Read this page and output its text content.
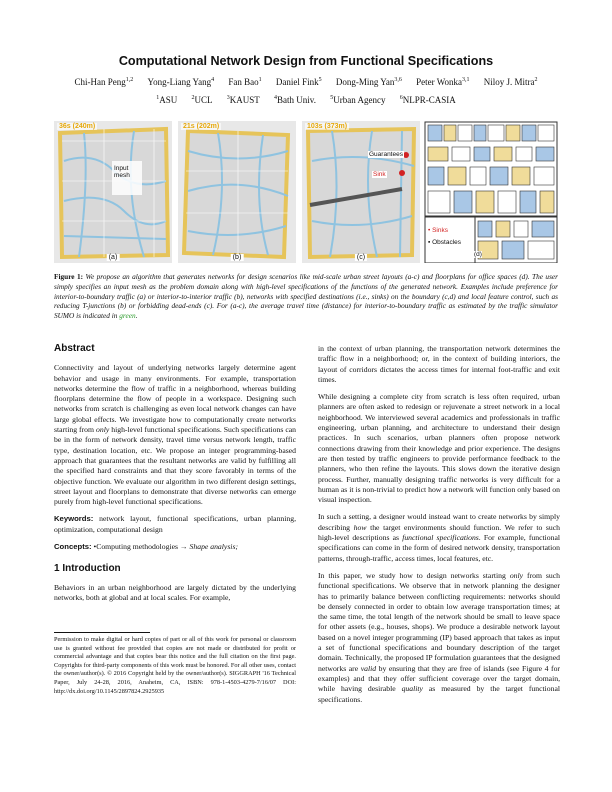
Computational Network Design from Functional Specifications
Chi-Han Peng$^{1,2}$ Yong-Liang Yang$^4$ Fan Bao$^1$ Daniel Fink$^5$ Dong-Ming Yan$^{3,6}$ Peter Wonka$^{3,1}$ Niloy J. Mitra$^2$
$^1$ASU $^2$UCL $^3$KAUST $^4$Bath Univ. $^5$Urban Agency $^6$NLPR-CASIA
36s (240m)
Input mesh
(a)
21s (202m)
(b)
103s (373m)
Guarantees
Sink
(c)
• Sinks
▪ Obstacles
(d)
Figure 1: We propose an algorithm that generates networks for design scenarios like mid-scale urban street layouts (a-c) and floorplans for office spaces (d). The user simply specifies an input mesh as the problem domain along with high-level specifications of the functions of the generated network. Examples include preference for interior-to-boundary traffic (a) or interior-to-interior traffic (b), networks with specified destinations (i.e., sinks) on the boundary (c,d) and local feature control, such as reducing T-junctions (b) or forbidding dead-ends (c). For (a-c), the average travel time (distance) for interior-to-boundary traffic as estimated by the traffic simulator SUMO is indicated in green.
Abstract
Connectivity and layout of underlying networks largely determine agent behavior and usage in many environments. For example, transportation networks determine the flow of traffic in a neighborhood, whereas building floorplans determine the flow of people in a workspace. Designing such networks from scratch is challenging as even local network changes can have large global effects. We investigate how to computationally create networks starting from only high-level functional specifications. Such specifications can be in the form of network density, travel time versus network length, traffic type, destination location, etc. We propose an integer programming-based approach that guarantees that the resultant networks are valid by fulfilling all the specified hard constraints and that they score favorably in terms of the objective function. We evaluate our algorithm in two different design settings, street layout and floorplans to demonstrate that diverse networks can emerge purely from high-level functional specifications.
Keywords: network layout, functional specifications, urban planning, optimization, computational design
Concepts: •Computing methodologies → Shape analysis;
1 Introduction
Behaviors in an urban neighborhood are largely dictated by the underlying networks, both at global and at local scales. For example,
Permission to make digital or hard copies of part or all of this work for personal or classroom use is granted without fee provided that copies are not made or distributed for profit or commercial advantage and that copies bear this notice and the full citation on the first page. Copyrights for third-party components of this work must be honored. For all other uses, contact the owner/author(s). © 2016 Copyright held by the owner/author(s). SIGGRAPH '16 Technical Paper, July 24-28, 2016, Anaheim, CA, ISBN: 978-1-4503-4279-7/16/07 DOI: http://dx.doi.org/10.1145/2897824.2925935
in the context of urban planning, the transportation network determines the traffic flow in a neighborhood; or, in the context of building interiors, the layout of corridors dictates the access times for internal foot-traffic and exit times.
While designing a complete city from scratch is less often required, urban planners are often asked to redesign or rejuvenate a street network in a local neighborhood. We interviewed several academics and professionals in traffic engineering, urban planning, and architecture to understand their design practices. In such scenarios, urban planners often propose network connections drawing from their knowledge and prior experience. The designs are then tested by traffic engineers to provide performance feedback to the planners, who then refine the layouts. This slows down the iterative design process. Further, manually designing traffic networks is very difficult for a human as it is non-trivial to predict how a network will function only based on visual inspection.
In such a setting, a designer would instead want to create networks by simply describing how the target environments should function. We refer to such high-level descriptions as functional specifications. For example, functional specifications can come in the form of desired network density, transportation patterns, through-traffic, access times, local features, etc.
In this paper, we study how to design networks starting only from such functional specifications. We observe that in network planning the designer has to primarily balance between conflicting requirements: networks should be densely connected in order to obtain low average transportation times; at the same time, the total length of the network should be small to leave space for other assets (e.g., houses, shops). We produce a desirable network layout based on a novel integer programming (IP) based approach that takes as input a set of functional specifications and boundary description of the target domain. Technically, the proposed IP formulation guarantees that the designed networks are valid by ensuring that they are free of islands (see Figure 4 for examples) and that they offer sufficient coverage over the target domain, while having desirable quality as measured by the target functional specifications.
